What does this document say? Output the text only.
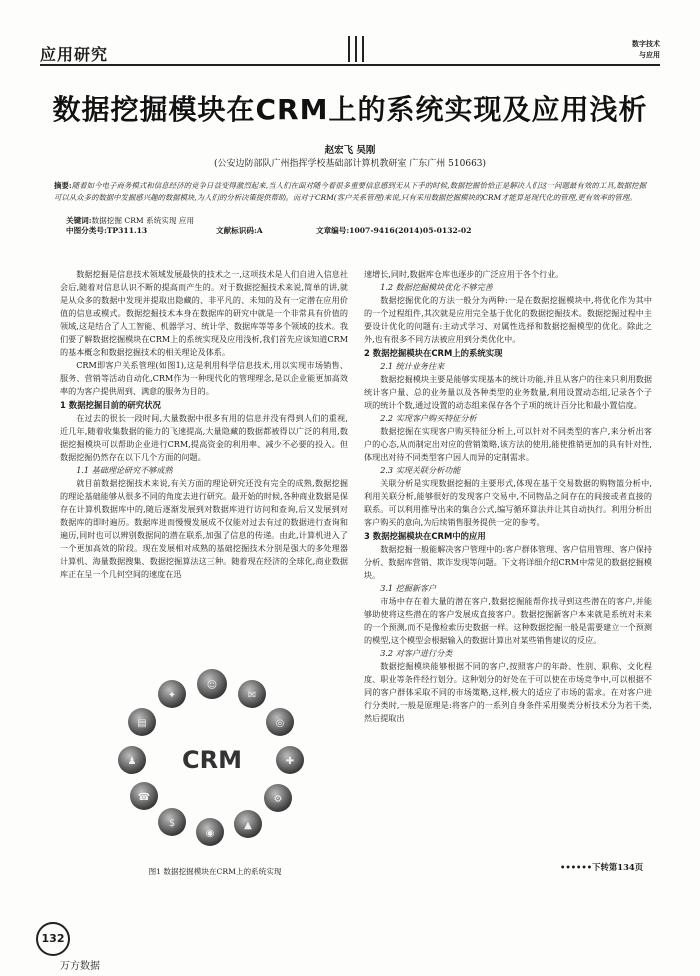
应用研究
数字技术
与应用
数据挖掘模块在CRM上的系统实现及应用浅析
赵宏飞 吴刚
(公安边防部队广州指挥学校基础部计算机教研室 广东广州 510663)
摘要:随着如今电子商务模式和信息经济的竞争日益变得激烈起来,当人们在面对随今着很多重要信息感到无从下手的时候,数据挖掘恰恰正是解决人们这一问题最有效的工具,数据挖掘可以从众多的数据中发掘感兴趣的数据模块,为人们的分析决策提供帮助。而对于CRM(客户关系管理)来说,只有采用数据挖掘模块的CRM才能算是现代化的管理,更有效率的管理。
关键词:数据挖掘 CRM 系统实现 应用
中图分类号:TP311.13	文献标识码:A	文章编号:1007-9416(2014)05-0132-02

数据挖掘是信息技术领域发展最快的技术之一,这项技术是人们自进入信息社会后,随着对信息认识不断的提高而产生的。对于数据挖掘技术来说,简单的讲,就是从众多的数据中发现并提取出隐藏的、非平凡的、未知的及有一定潜在应用价值的信息或模式。数据挖掘技术本身在数据库的研究中就是一个非常具有价值的领域,这是结合了人工智能、机器学习、统计学、数据库等等多个领域的技术。我们要了解数据挖掘模块在CRM上的系统实现及应用浅析,我们首先应该知道CRM的基本概念和数据挖掘技术的相关理论及体系。

CRM即客户关系管理(如图1),这是利用科学信息技术,用以实现市场销售、服务、营销等活动自动化,CRM作为一种现代化的管理理念,是以企业能更加高效率的为客户提供周到、满意的服务为目的。

1 数据挖掘目前的研究状况

在过去的很长一段时间,大量数据中很多有用的信息并没有得到人们的重视,近几年,随着收集数据的能力的飞速提高,大量隐藏的数据都被得以广泛的利用,数据挖掘模块可以帮助企业进行CRM,提高资金的利用率、减少不必要的投入。但数据挖掘仍然存在以下几个方面的问题。

1.1 基础理论研究不够成熟

就目前数据挖掘技术来说,有关方面的理论研究还没有完全的成熟,数据挖掘的理论基础能够从很多不同的角度去进行研究。最开始的时候,各种商业数据是保存在计算机数据库中的,随后逐渐发展到对数据库进行访问和查询,后又发展到对数据库的即时遍历。数据库进而慢慢发展成不仅能对过去有过的数据进行查询和遍历,同时也可以辨别数据间的潜在联系,加强了信息的传递。由此,计算机进入了一个更加高效的阶段。现在发展相对成熟的基础挖掘技术分别是强大的多处理器计算机、海量数据搜集、数据挖掘算法这三种。随着现在经济的全球化,商业数据库正在呈一个几何空间的速度在迅

速增长,同时,数据库仓库也逐步的广泛应用于各个行业。

1.2 数据挖掘模块优化不够完善

数据挖掘优化的方法一般分为两种:一是在数据挖掘模块中,将优化作为其中的一个过程组件,其次就是应用完全基于优化的数据挖掘技术。数据挖掘过程中主要设计优化的问题有:主动式学习、对属性选择和数据挖掘模型的优化。除此之外,也有很多不同方法被应用到分类优化中。

2 数据挖掘模块在CRM上的系统实现
2.1 统计业务往来

数据挖掘模块主要是能够实现基本的统计功能,并且从客户的往来只利用数据统计客户量、总的业务量以及各种类型的业务数量,利用设置动态组,记录各个子项的统计个数,通过设置的动态组来保存各个子项的统计百分比和最小置信度。

2.2 实现客户购买特征分析

数据挖掘在实现客户购买特征分析上,可以针对不同类型的客户,来分析出客户的心态,从而制定出对应的营销策略,该方法的使用,能使推销更加的具有针对性,体现出对待不同类型客户因人而异的定制需求。

2.3 实现关联分析功能

关联分析是实现数据挖掘的主要形式,体现在基于交易数据的购物篮分析中,利用关联分析,能够很好的发现客户交易中,不同物品之间存在的间接或者直接的联系。可以利用推导出来的集合公式,编写循环算法并让其自动执行。利用分析出客户购买的意向,为后续销售服务提供一定的参考。

3 数据挖掘模块在CRM中的应用

数据挖掘一般能解决客户管理中的:客户群体管理、客户信用管理、客户保持分析、数据库营销、欺诈发现等问题。下文将详细介绍CRM中常见的数据挖掘模块。

3.1 挖掘新客户

市场中存在着大量的潜在客户,数据挖掘能帮你找寻到这些潜在的客户,并能够助使将这些潜在的客户发展成直接客户。数据挖掘新客户本来就是系统对未来的一个预测,而不是像检索历史数据一样。这种数据挖掘一般是需要建立一个预测的模型,这个模型会根据输入的数据计算出对某些销售建议的反应。

3.2 对客户进行分类

数据挖掘模块能够根据不同的客户,按照客户的年龄、性别、职称、文化程度、职业等条件经行划分。这种划分的好处在于可以使在市场竞争中,可以根据不同的客户群体采取不同的市场策略,这样,极大的适应了市场的需求。在对客户进行分类时,一般是原理是:将客户的一系列自身条件采用聚类分析技术分为若干类,然后提取出

☺
✉
◎
✚
⚙
▲
◉
$
☎
♟
▤
✦
CRM
图1 数据挖掘模块在CRM上的系统实现	••••••下转第134页
132
万方数据
